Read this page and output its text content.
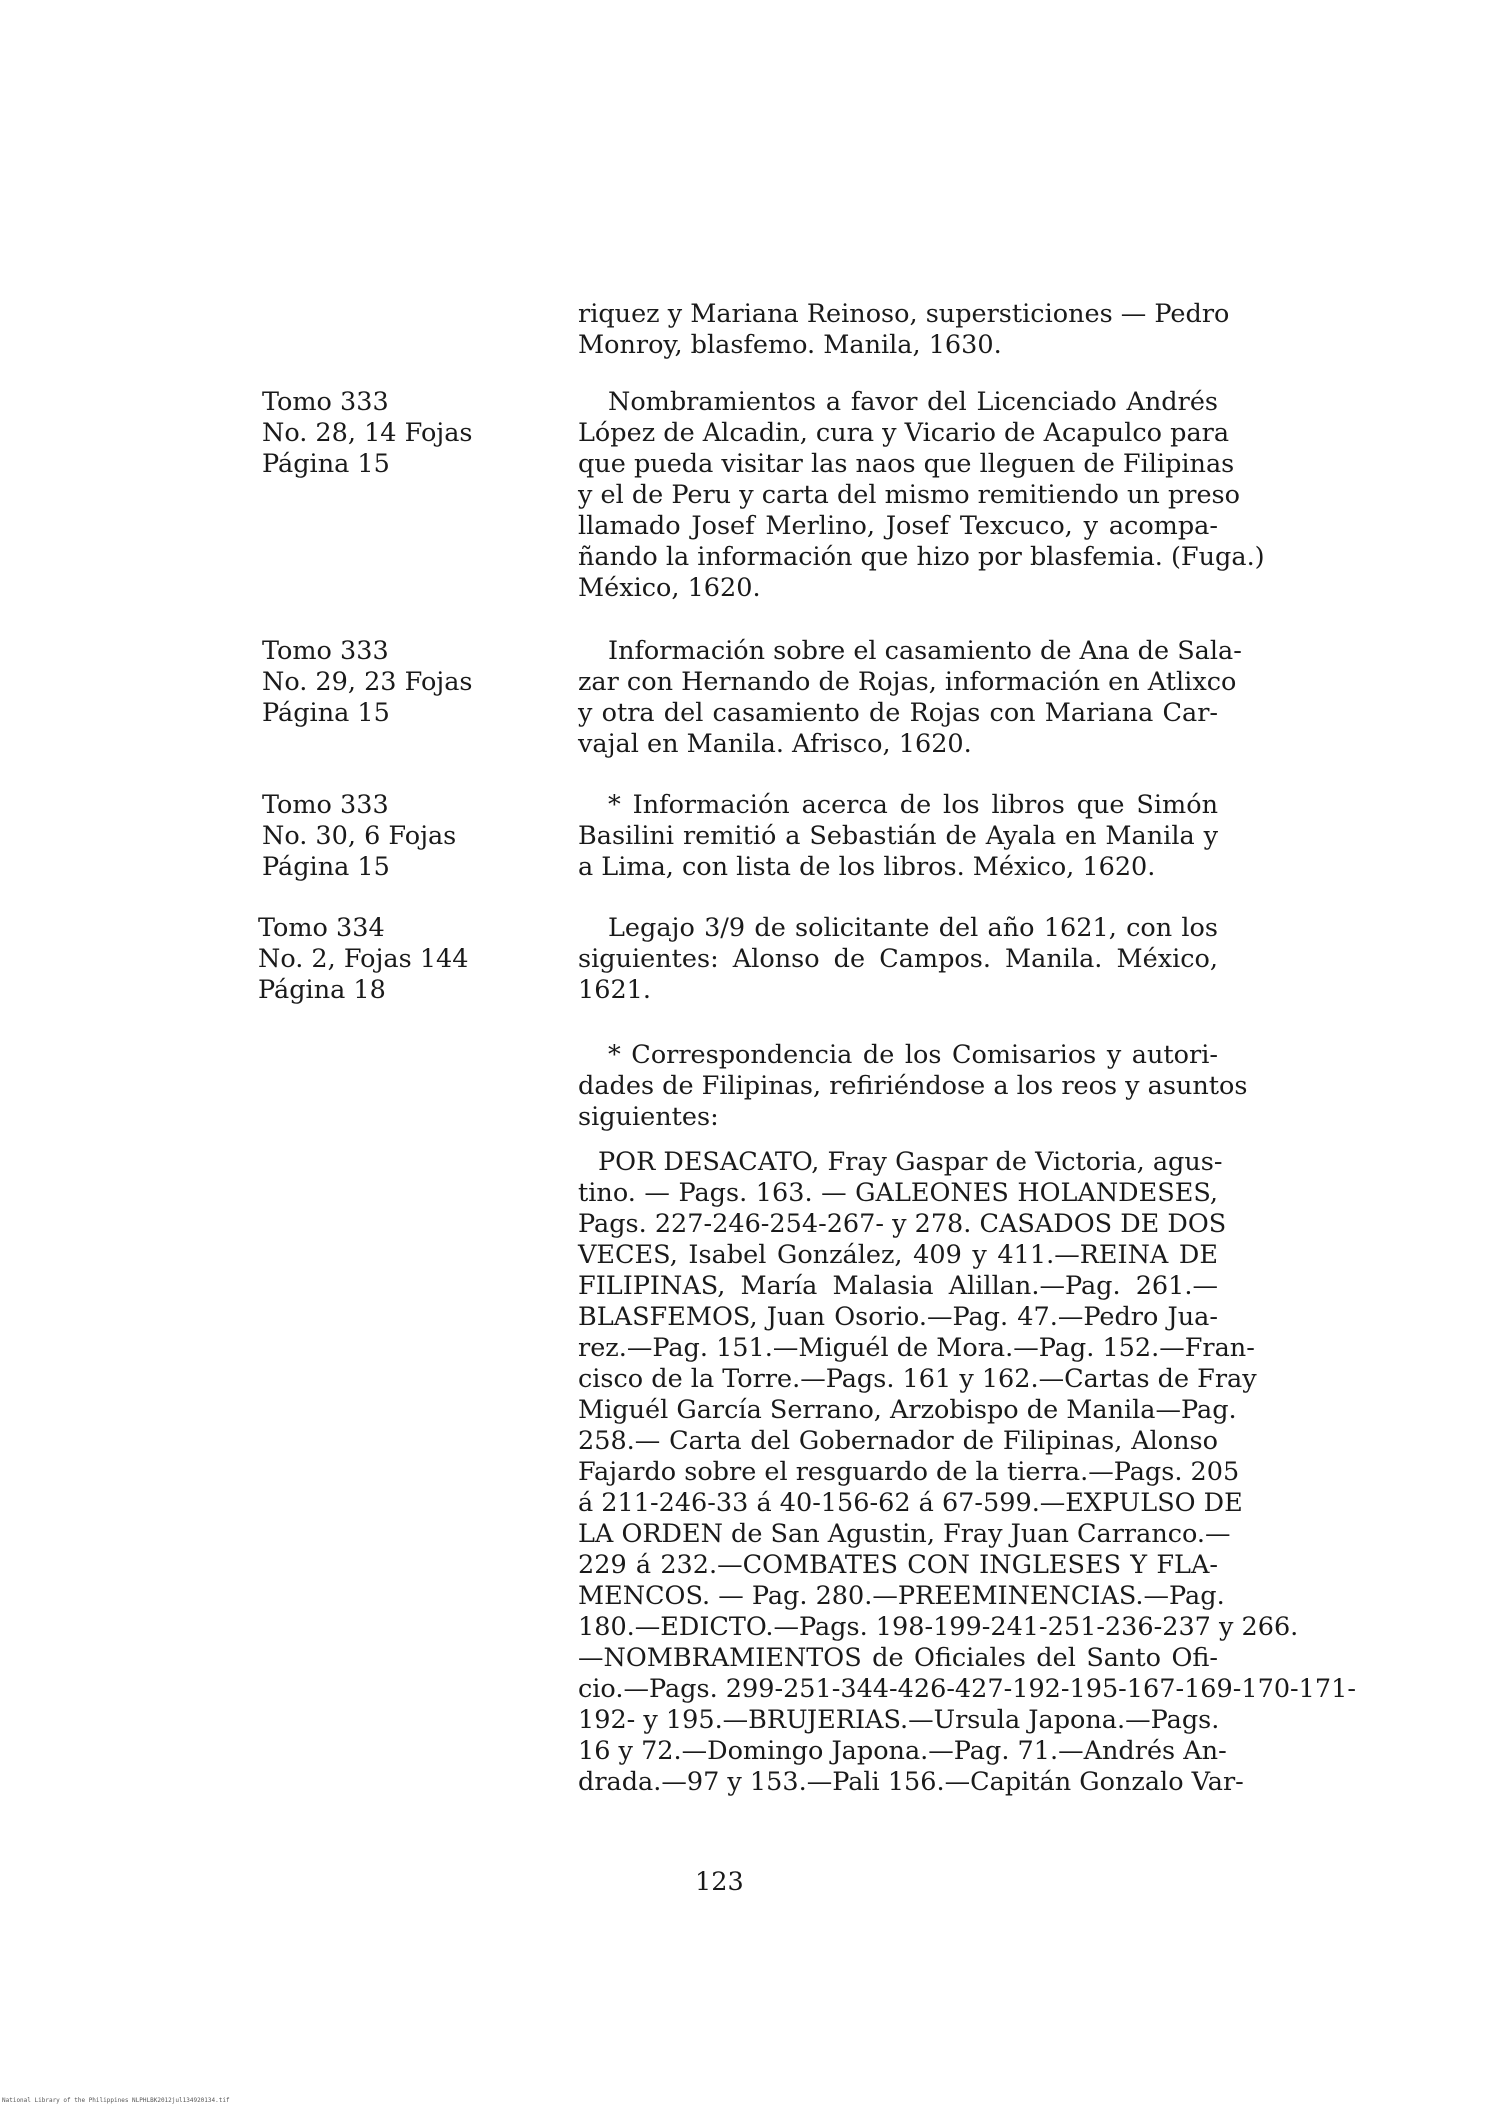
riquez y Mariana Reinoso, supersticiones — Pedro
Monroy, blasfemo. Manila, 1630.
Tomo 333
No. 28, 14 Fojas
Página 15
Nombramientos a favor del Licenciado Andrés
López de Alcadin, cura y Vicario de Acapulco para
que pueda visitar las naos que lleguen de Filipinas
y el de Peru y carta del mismo remitiendo un preso
llamado Josef Merlino, Josef Texcuco, y acompa-
ñando la información que hizo por blasfemia. (Fuga.)
México, 1620.
Tomo 333
No. 29, 23 Fojas
Página 15
Información sobre el casamiento de Ana de Sala-
zar con Hernando de Rojas, información en Atlixco
y otra del casamiento de Rojas con Mariana Car-
vajal en Manila. Afrisco, 1620.
Tomo 333
No. 30, 6 Fojas
Página 15
* Información acerca de los libros que Simón
Basilini remitió a Sebastián de Ayala en Manila y
a Lima, con lista de los libros. México, 1620.
Tomo 334
No. 2, Fojas 144
Página 18
Legajo 3/9 de solicitante del año 1621, con los
siguientes: Alonso de Campos. Manila. México,
1621.
* Correspondencia de los Comisarios y autori-
dades de Filipinas, refiriéndose a los reos y asuntos
siguientes:
POR DESACATO, Fray Gaspar de Victoria, agus-
tino. — Pags. 163. — GALEONES HOLANDESES,
Pags. 227-246-254-267- y 278. CASADOS DE DOS
VECES, Isabel González, 409 y 411.—REINA DE
FILIPINAS, María Malasia Alillan.—Pag. 261.—
BLASFEMOS, Juan Osorio.—Pag. 47.—Pedro Jua-
rez.—Pag. 151.—Miguél de Mora.—Pag. 152.—Fran-
cisco de la Torre.—Pags. 161 y 162.—Cartas de Fray
Miguél García Serrano, Arzobispo de Manila—Pag.
258.— Carta del Gobernador de Filipinas, Alonso
Fajardo sobre el resguardo de la tierra.—Pags. 205
á 211-246-33 á 40-156-62 á 67-599.—EXPULSO DE
LA ORDEN de San Agustin, Fray Juan Carranco.—
229 á 232.—COMBATES CON INGLESES Y FLA-
MENCOS. — Pag. 280.—PREEMINENCIAS.—Pag.
180.—EDICTO.—Pags. 198-199-241-251-236-237 y 266.
—NOMBRAMIENTOS de Oficiales del Santo Ofi-
cio.—Pags. 299-251-344-426-427-192-195-167-169-170-171-
192- y 195.—BRUJERIAS.—Ursula Japona.—Pags.
16 y 72.—Domingo Japona.—Pag. 71.—Andrés An-
drada.—97 y 153.—Pali 156.—Capitán Gonzalo Var-
123
National Library of the Philippines NLPHLBK2012jul134920134.tif
